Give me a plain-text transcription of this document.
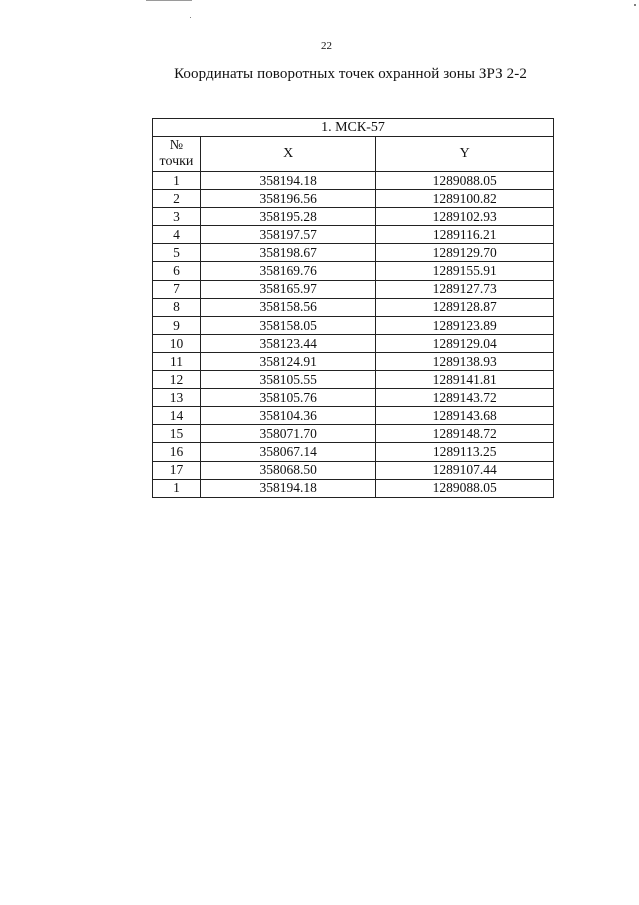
22
Координаты поворотных точек охранной зоны ЗРЗ 2-2
1. МСК-57		

№
точки	X	Y
1	358194.18	1289088.05
2	358196.56	1289100.82
3	358195.28	1289102.93
4	358197.57	1289116.21
5	358198.67	1289129.70
6	358169.76	1289155.91
7	358165.97	1289127.73
8	358158.56	1289128.87
9	358158.05	1289123.89
10	358123.44	1289129.04
11	358124.91	1289138.93
12	358105.55	1289141.81
13	358105.76	1289143.72
14	358104.36	1289143.68
15	358071.70	1289148.72
16	358067.14	1289113.25
17	358068.50	1289107.44
1	358194.18	1289088.05
